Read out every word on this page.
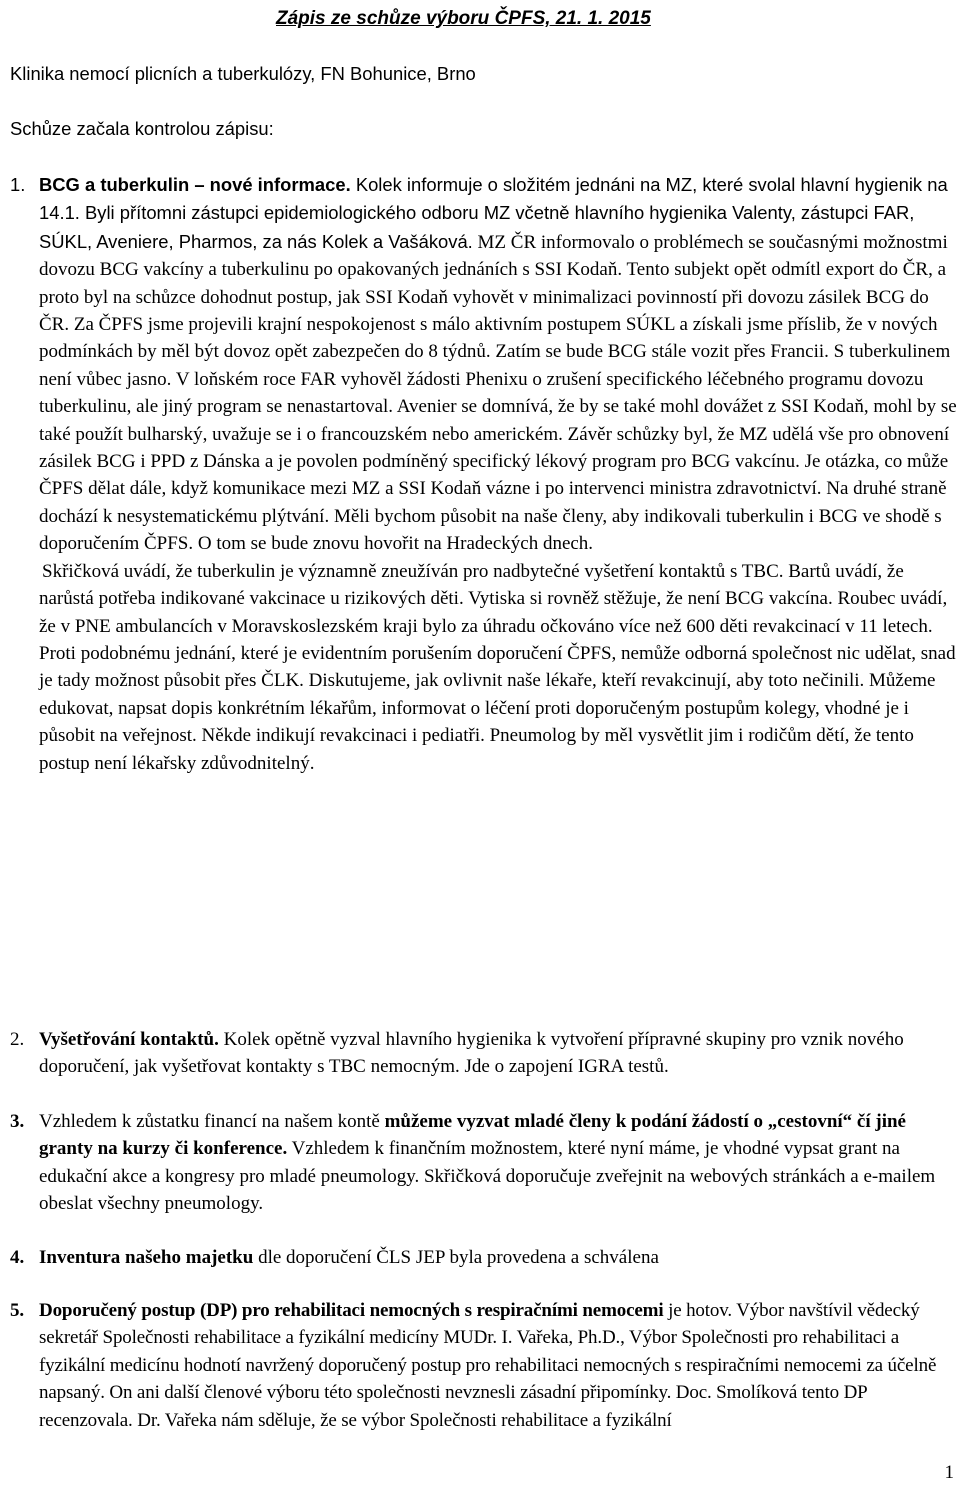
Zápis ze schůze výboru ČPFS, 21. 1. 2015
Klinika nemocí plicních a tuberkulózy, FN Bohunice, Brno
Schůze začala kontrolou zápisu:
1. BCG a tuberkulin – nové informace. Kolek informuje o složitém jednáni na MZ, které svolal hlavní hygienik na 14.1. Byli přítomni zástupci epidemiologického odboru MZ včetně hlavního hygienika Valenty, zástupci FAR, SÚKL, Aveniere, Pharmos, za nás Kolek a Vašáková. MZ ČR informovalo o problémech se současnými možnostmi dovozu BCG vakcíny a tuberkulinu po opakovaných jednáních s SSI Kodaň. Tento subjekt opět odmítl export do ČR, a proto byl na schůzce dohodnut postup, jak SSI Kodaň vyhovět v minimalizaci povinností při dovozu zásilek BCG do ČR. Za ČPFS jsme projevili krajní nespokojenost s málo aktivním postupem SÚKL a získali jsme příslib, že v nových podmínkách by měl být dovoz opět zabezpečen do 8 týdnů. Zatím se bude BCG stále vozit přes Francii. S tuberkulinem není vůbec jasno. V loňském roce FAR vyhověl žádosti Phenixu o zrušení specifického léčebného programu dovozu tuberkulinu, ale jiný program se nenastartoval. Avenier se domnívá, že by se také mohl dovážet z SSI Kodaň, mohl by se také použít bulharský, uvažuje se i o francouzském nebo americkém. Závěr schůzky byl, že MZ udělá vše pro obnovení zásilek BCG i PPD z Dánska a je povolen podmíněný specifický lékový program pro BCG vakcínu. Je otázka, co může ČPFS dělat dále, když komunikace mezi MZ a SSI Kodaň vázne i po intervenci ministra zdravotnictví. Na druhé straně dochází k nesystematickému plýtvání. Měli bychom působit na naše členy, aby indikovali tuberkulin i BCG ve shodě s doporučením ČPFS. O tom se bude znovu hovořit na Hradeckých dnech.
Skřičková uvádí, že tuberkulin je významně zneužíván pro nadbytečné vyšetření kontaktů s TBC. Bartů uvádí, že narůstá potřeba indikované vakcinace u rizikových děti. Vytiska si rovněž stěžuje, že není BCG vakcína. Roubec uvádí, že v PNE ambulancích v Moravskoslezském kraji bylo za úhradu očkováno více než 600 děti revakcinací v 11 letech. Proti podobnému jednání, které je evidentním porušením doporučení ČPFS, nemůže odborná společnost nic udělat, snad je tady možnost působit přes ČLK. Diskutujeme, jak ovlivnit naše lékaře, kteří revakcinují, aby toto nečinili. Můžeme edukovat, napsat dopis konkrétním lékařům, informovat o léčení proti doporučeným postupům kolegy, vhodné je i působit na veřejnost. Někde indikují revakcinaci i pediatři. Pneumolog by měl vysvětlit jim i rodičům dětí, že tento postup není lékařsky zdůvodnitelný.
2. Vyšetřování kontaktů. Kolek opětně vyzval hlavního hygienika k vytvoření přípravné skupiny pro vznik nového doporučení, jak vyšetřovat kontakty s TBC nemocným. Jde o zapojení IGRA testů.
3. Vzhledem k zůstatku financí na našem kontě můžeme vyzvat mladé členy k podání žádostí o „cestovní“ čí jiné granty na kurzy či konference. Vzhledem k finančním možnostem, které nyní máme, je vhodné vypsat grant na edukační akce a kongresy pro mladé pneumology. Skřičková doporučuje zveřejnit na webových stránkách a e-mailem obeslat všechny pneumology.
4. Inventura našeho majetku dle doporučení ČLS JEP byla provedena a schválena
5. Doporučený postup (DP) pro rehabilitaci nemocných s respiračními nemocemi je hotov. Výbor navštívil vědecký sekretář Společnosti rehabilitace a fyzikální medicíny MUDr. I. Vařeka, Ph.D., Výbor Společnosti pro rehabilitaci a fyzikální medicínu hodnotí navržený doporučený postup pro rehabilitaci nemocných s respiračními nemocemi za účelně napsaný. On ani další členové výboru této společnosti nevznesli zásadní připomínky. Doc. Smolíková tento DP recenzovala. Dr. Vařeka nám sděluje, že se výbor Společnosti rehabilitace a fyzikální
1
